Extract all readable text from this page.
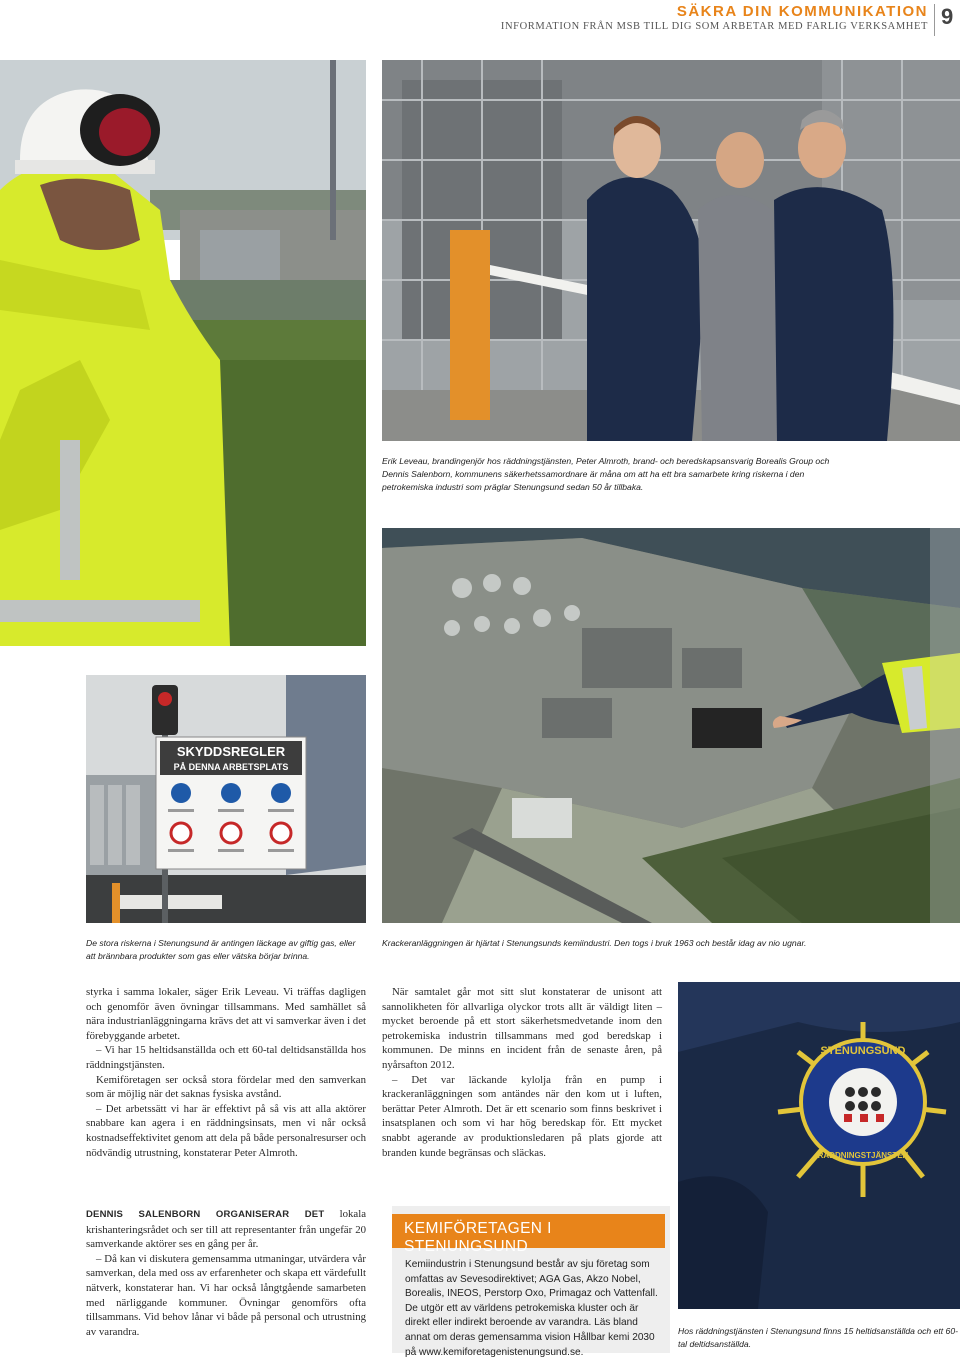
SÄKRA DIN KOMMUNIKATION
INFORMATION FRÅN MSB TILL DIG SOM ARBETAR MED FARLIG VERKSAMHET 9
Erik Leveau, brandingenjör hos räddningstjänsten, Peter Almroth, brand- och beredskapsansvarig Borealis Group och Dennis Salenborn, kommunens säkerhetssamordnare är måna om att ha ett bra samarbete kring riskerna i den petrokemiska industri som präglar Stenungsund sedan 50 år tillbaka.
SKYDDSREGLER
PÅ DENNA ARBETSPLATS
De stora riskerna i Stenungsund är antingen läckage av giftig gas, eller att brännbara produkter som gas eller vätska börjar brinna.
Krackeranläggningen är hjärtat i Stenungsunds kemiindustri. Den togs i bruk 1963 och består idag av nio ugnar.

styrka i samma lokaler, säger Erik Leveau. Vi träffas dagligen och genomför även övningar tillsammans. Med samhället så nära industrianläggningarna krävs det att vi samverkar även i det förebyggande arbetet.

– Vi har 15 heltidsanställda och ett 60-tal deltidsanställda hos räddningstjänsten.

Kemiföretagen ser också stora fördelar med den samverkan som är möjlig när det saknas fysiska avstånd.

– Det arbetssätt vi har är effektivt på så vis att alla aktörer snabbare kan agera i en räddningsinsats, men vi når också kostnadseffektivitet genom att dela på både personalresurser och nödvändig utrustning, konstaterar Peter Almroth.

DENNIS SALENBORN ORGANISERAR DET lokala krishanteringsrådet och ser till att representanter från ungefär 20 samverkande aktörer ses en gång per år.

– Då kan vi diskutera gemensamma utmaningar, utvärdera vår samverkan, dela med oss av erfarenheter och skapa ett värdefullt nätverk, konstaterar han. Vi har också långtgående samarbeten med närliggande kommuner. Övningar genomförs ofta tillsammans. Vid behov lånar vi både på personal och utrustning av varandra.

När samtalet går mot sitt slut konstaterar de unisont att sannolikheten för allvarliga olyckor trots allt är väldigt liten – mycket beroende på ett stort säkerhetsmedvetande inom den petrokemiska industrin tillsammans med god beredskap i kommunen. De minns en incident från de senaste åren, på nyårsafton 2012.

– Det var läckande kylolja från en pump i krackeranläggningen som antändes när den kom ut i luften, berättar Peter Almroth. Det är ett scenario som finns beskrivet i insatsplanen och som vi har hög beredskap för. Ett mycket snabbt agerande av produktionsledaren på plats gjorde att branden kunde begränsas och släckas.

KEMIFÖRETAGEN I STENUNGSUND
Kemiindustrin i Stenungsund består av sju företag som omfattas av Sevesodirektivet; AGA Gas, Akzo Nobel, Borealis, INEOS, Perstorp Oxo, Primagaz och Vattenfall. De utgör ett av världens petrokemiska kluster och är direkt eller indirekt beroende av varandra. Läs bland annat om deras gemensamma vision Hållbar kemi 2030 på www.kemiforetagenistenungsund.se.
STENUNGSUND
RÄDDNINGSTJÄNSTEN
Hos räddningstjänsten i Stenungsund finns 15 heltidsanställda och ett 60-tal deltidsanställda.
